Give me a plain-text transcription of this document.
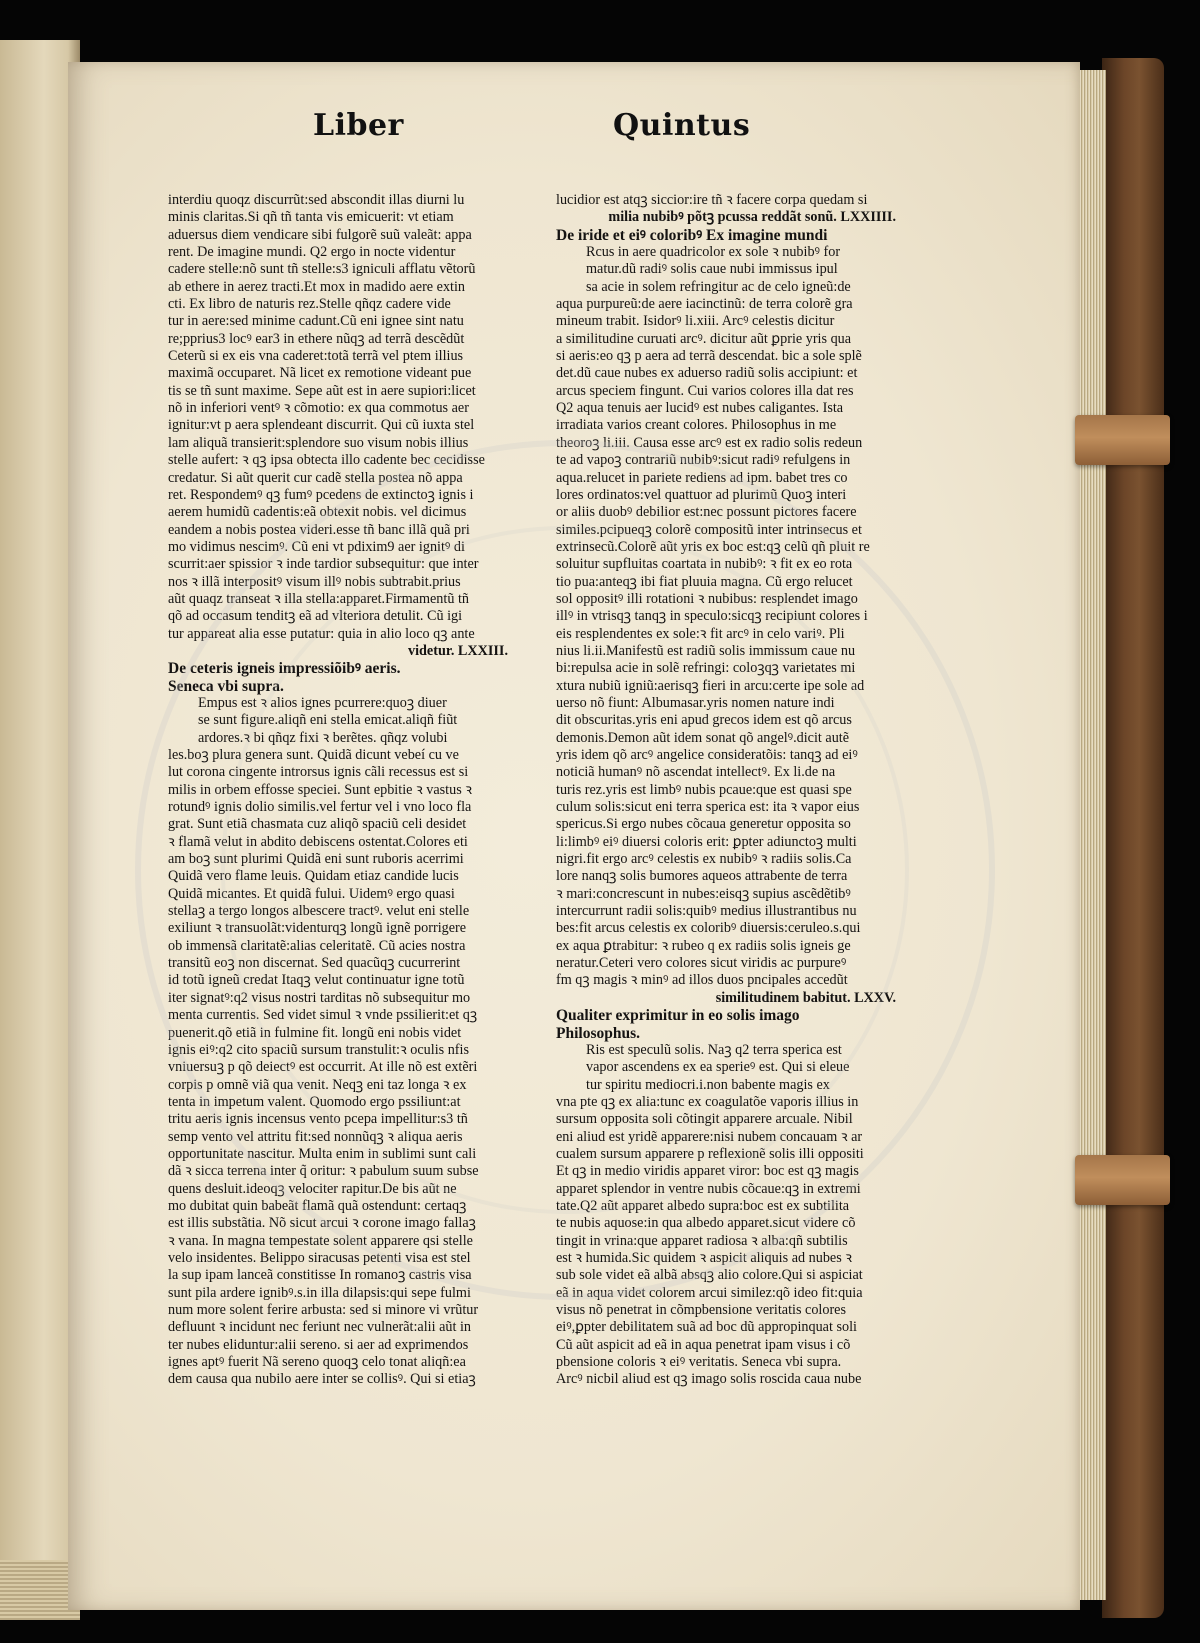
Liber	Quintus
interdiu quoqz discurrũt:sed abscondit illas diurni lu
minis claritas.Si qñ tñ tanta vis emicuerit: vt etiam
aduersus diem vendicare sibi fulgorẽ suũ valeãt: appa
rent. De imagine mundi. Q2 ergo in nocte videntur
cadere stelle:nõ sunt tñ stelle:s3 igniculi afflatu vẽtorũ
ab ethere in aerez tracti.Et mox in madido aere extin
cti. Ex libro de naturis rez.Stelle qñqz cadere vide
tur in aere:sed minime cadunt.Cũ eni ignee sint natu
re;pprius3 locꝰ ear3 in ethere nũqꝫ ad terrã descẽdũt
Ceterũ si ex eis vna caderet:totã terrã vel ptem illius
maximã occuparet. Nã licet ex remotione videant pue
tis se tñ sunt maxime. Sepe aũt est in aere supiori:licet
nõ in inferiori ventꝰ ꝛ cõmotio: ex qua commotus aer
ignitur:vt p aera splendeant discurrit. Qui cũ iuxta stel
lam aliquã transierit:splendore suo visum nobis illius
stelle aufert: ꝛ qꝫ ipsa obtecta illo cadente bec cecidisse
credatur. Si aũt querit cur cadẽ stella postea nõ appa
ret. Respondemꝰ qꝫ fumꝰ pcedens de extinctoꝫ ignis i
aerem humidũ cadentis:eã obtexit nobis. vel dicimus
eandem a nobis postea videri.esse tñ banc illã quã pri
mo vidimus nescimꝰ. Cũ eni vt pdixim9 aer ignitꝰ di
scurrit:aer spissior ꝛ inde tardior subsequitur: que inter
nos ꝛ illã interpositꝰ visum illꝰ nobis subtrabit.prius
aũt quaqz transeat ꝛ illa stella:apparet.Firmamentũ tñ
qõ ad occasum tenditꝫ eã ad vlteriora detulit. Cũ igi
tur appareat alia esse putatur: quia in alio loco qꝫ ante
videtur. LXXIII.
De ceteris igneis impressiõibꝰ aeris.
Seneca vbi supra.
Empus est ꝛ alios ignes pcurrere:quoꝫ diuer
se sunt figure.aliqñ eni stella emicat.aliqñ fiũt
ardores.ꝛ bi qñqz fixi ꝛ berẽtes. qñqz volubi
les.boꝫ plura genera sunt. Quidã dicunt vebeí cu ve
lut corona cingente introrsus ignis cãli recessus est si
milis in orbem effosse speciei. Sunt epbitie ꝛ vastus ꝛ
rotundꝰ ignis dolio similis.vel fertur vel i vno loco fla
grat. Sunt etiã chasmata cuz aliqõ spaciũ celi desidet
ꝛ flamã velut in abdito debiscens ostentat.Colores eti
am boꝫ sunt plurimi Quidã eni sunt ruboris acerrimi
Quidã vero flame leuis. Quidam etiaz candide lucis
Quidã micantes. Et quidã fului. Uidemꝰ ergo quasi
stellaꝫ a tergo longos albescere tractꝰ. velut eni stelle
exiliunt ꝛ transuolãt:videnturqꝫ longũ ignẽ porrigere
ob immensã claritatẽ:alias celeritatẽ. Cũ acies nostra
transitũ eoꝫ non discernat. Sed quacũqꝫ cucurrerint
id totũ igneũ credat Itaqꝫ velut continuatur igne totũ
iter signatꝰ:q2 visus nostri tarditas nõ subsequitur mo
menta currentis. Sed videt simul ꝛ vnde pssilierit:et qꝫ
puenerit.qõ etiã in fulmine fit. longũ eni nobis videt
ignis eiꝰ:q2 cito spaciũ sursum transtulit:ꝛ oculis nfis
vniuersuꝫ p qõ deiectꝰ est occurrit. At ille nõ est extẽri
corpis p omnẽ viã qua venit. Neqꝫ eni taz longa ꝛ ex
tenta in impetum valent. Quomodo ergo pssiliunt:at
tritu aeris ignis incensus vento pcepa impellitur:s3 tñ
semp vento vel attritu fit:sed nonnũqꝫ ꝛ aliqua aeris
opportunitate nascitur. Multa enim in sublimi sunt cali
dã ꝛ sicca terrena inter q̃ oritur: ꝛ pabulum suum subse
quens desluit.ideoqꝫ velociter rapitur.De bis aũt ne
mo dubitat quin babeãt flamã quã ostendunt: certaqꝫ
est illis substãtia. Nõ sicut arcui ꝛ corone imago fallaꝫ
ꝛ vana. In magna tempestate solent apparere qsi stelle
velo insidentes. Belippo siracusas petenti visa est stel
la sup ipam lanceã constitisse In romanoꝫ castris visa
sunt pila ardere ignibꝰ.s.in illa dilapsis:qui sepe fulmi
num more solent ferire arbusta: sed si minore vi vrũtur
defluunt ꝛ incidunt nec feriunt nec vulnerãt:alii aũt in
ter nubes eliduntur:alii sereno. si aer ad exprimendos
ignes aptꝰ fuerit Nã sereno quoqꝫ celo tonat aliqñ:ea
dem causa qua nubilo aere inter se collisꝰ. Qui si etiaꝫ
lucidior est atqꝫ siccior:ire tñ ꝛ facere corpa quedam si
milia nubibꝰ põtꝫ pcussa reddãt sonũ. LXXIIII.
De iride et eiꝰ coloribꝰ Ex imagine mundi
Rcus in aere quadricolor ex sole ꝛ nubibꝰ for
matur.dũ radiꝰ solis caue nubi immissus ipul
sa acie in solem refringitur ac de celo igneũ:de
aqua purpureũ:de aere iacinctinũ: de terra colorẽ gra
mineum trabit. Isidorꝰ li.xiii. Arcꝰ celestis dicitur
a similitudine curuati arcꝰ. dicitur aũt ꝑprie yris qua
si aeris:eo qꝫ p aera ad terrã descendat. bic a sole splẽ
det.dũ caue nubes ex aduerso radiũ solis accipiunt: et
arcus speciem fingunt. Cui varios colores illa dat res
Q2 aqua tenuis aer lucidꝰ est nubes caligantes. Ista
irradiata varios creant colores. Philosophus in me
theoroꝫ li.iii. Causa esse arcꝰ est ex radio solis redeun
te ad vapoꝫ contrariũ nubibꝰ:sicut radiꝰ refulgens in
aqua.relucet in pariete rediens ad ipm. babet tres co
lores ordinatos:vel quattuor ad plurimũ Quoꝫ interi
or aliis duobꝰ debilior est:nec possunt pictores facere
similes.pcipueqꝫ colorẽ compositũ inter intrinsecus et
extrinsecũ.Colorẽ aũt yris ex boc est:qꝫ celũ qñ pluit re
soluitur supfluitas coartata in nubibꝰ: ꝛ fit ex eo rota
tio pua:anteqꝫ ibi fiat pluuia magna. Cũ ergo relucet
sol oppositꝰ illi rotationi ꝛ nubibus: resplendet imago
illꝰ in vtrisqꝫ tanqꝫ in speculo:sicqꝫ recipiunt colores i
eis resplendentes ex sole:ꝛ fit arcꝰ in celo variꝰ. Pli
nius li.ii.Manifestũ est radiũ solis immissum caue nu
bi:repulsa acie in solẽ refringi: coloꝫqꝫ varietates mi
xtura nubiũ igniũ:aerisqꝫ fieri in arcu:certe ipe sole ad
uerso nõ fiunt: Albumasar.yris nomen nature indi
dit obscuritas.yris eni apud grecos idem est qõ arcus
demonis.Demon aũt idem sonat qõ angelꝰ.dicit autẽ
yris idem qõ arcꝰ angelice consideratõis: tanqꝫ ad eiꝰ
noticiã humanꝰ nõ ascendat intellectꝰ. Ex li.de na
turis rez.yris est limbꝰ nubis pcaue:que est quasi spe
culum solis:sicut eni terra sperica est: ita ꝛ vapor eius
spericus.Si ergo nubes cõcaua generetur opposita so
li:limbꝰ eiꝰ diuersi coloris erit: ꝑpter adiunctoꝫ multi
nigri.fit ergo arcꝰ celestis ex nubibꝰ ꝛ radiis solis.Ca
lore nanqꝫ solis bumores aqueos attrabente de terra
ꝛ mari:concrescunt in nubes:eisqꝫ supius ascẽdẽtibꝰ
intercurrunt radii solis:quibꝰ medius illustrantibus nu
bes:fit arcus celestis ex coloribꝰ diuersis:ceruleo.s.qui
ex aqua ꝑtrabitur: ꝛ rubeo q ex radiis solis igneis ge
neratur.Ceteri vero colores sicut viridis ac purpureꝰ
fm qꝫ magis ꝛ minꝰ ad illos duos pncipales accedũt
similitudinem babitut. LXXV.
Qualiter exprimitur in eo solis imago
Philosophus.
Ris est speculũ solis. Naꝫ q2 terra sperica est
vapor ascendens ex ea sperieꝰ est. Qui si eleue
tur spiritu mediocri.i.non babente magis ex
vna pte qꝫ ex alia:tunc ex coagulatõe vaporis illius in
sursum opposita soli cõtingit apparere arcuale. Nibil
eni aliud est yridẽ apparere:nisi nubem concauam ꝛ ar
cualem sursum apparere p reflexionẽ solis illi oppositi
Et qꝫ in medio viridis apparet viror: boc est qꝫ magis
apparet splendor in ventre nubis cõcaue:qꝫ in extremi
tate.Q2 aũt apparet albedo supra:boc est ex subtilita
te nubis aquose:in qua albedo apparet.sicut videre cõ
tingit in vrina:que apparet radiosa ꝛ alba:qñ subtilis
est ꝛ humida.Sic quidem ꝛ aspicit aliquis ad nubes ꝛ
sub sole videt eã albã absqꝫ alio colore.Qui si aspiciat
eã in aqua videt colorem arcui similez:qõ ideo fit:quia
visus nõ penetrat in cõmpbensione veritatis colores
eiꝰ,ꝑpter debilitatem suã ad boc dũ appropinquat soli
Cũ aũt aspicit ad eã in aqua penetrat ipam visus i cõ
pbensione coloris ꝛ eiꝰ veritatis. Seneca vbi supra.
Arcꝰ nicbil aliud est qꝫ imago solis roscida caua nube
